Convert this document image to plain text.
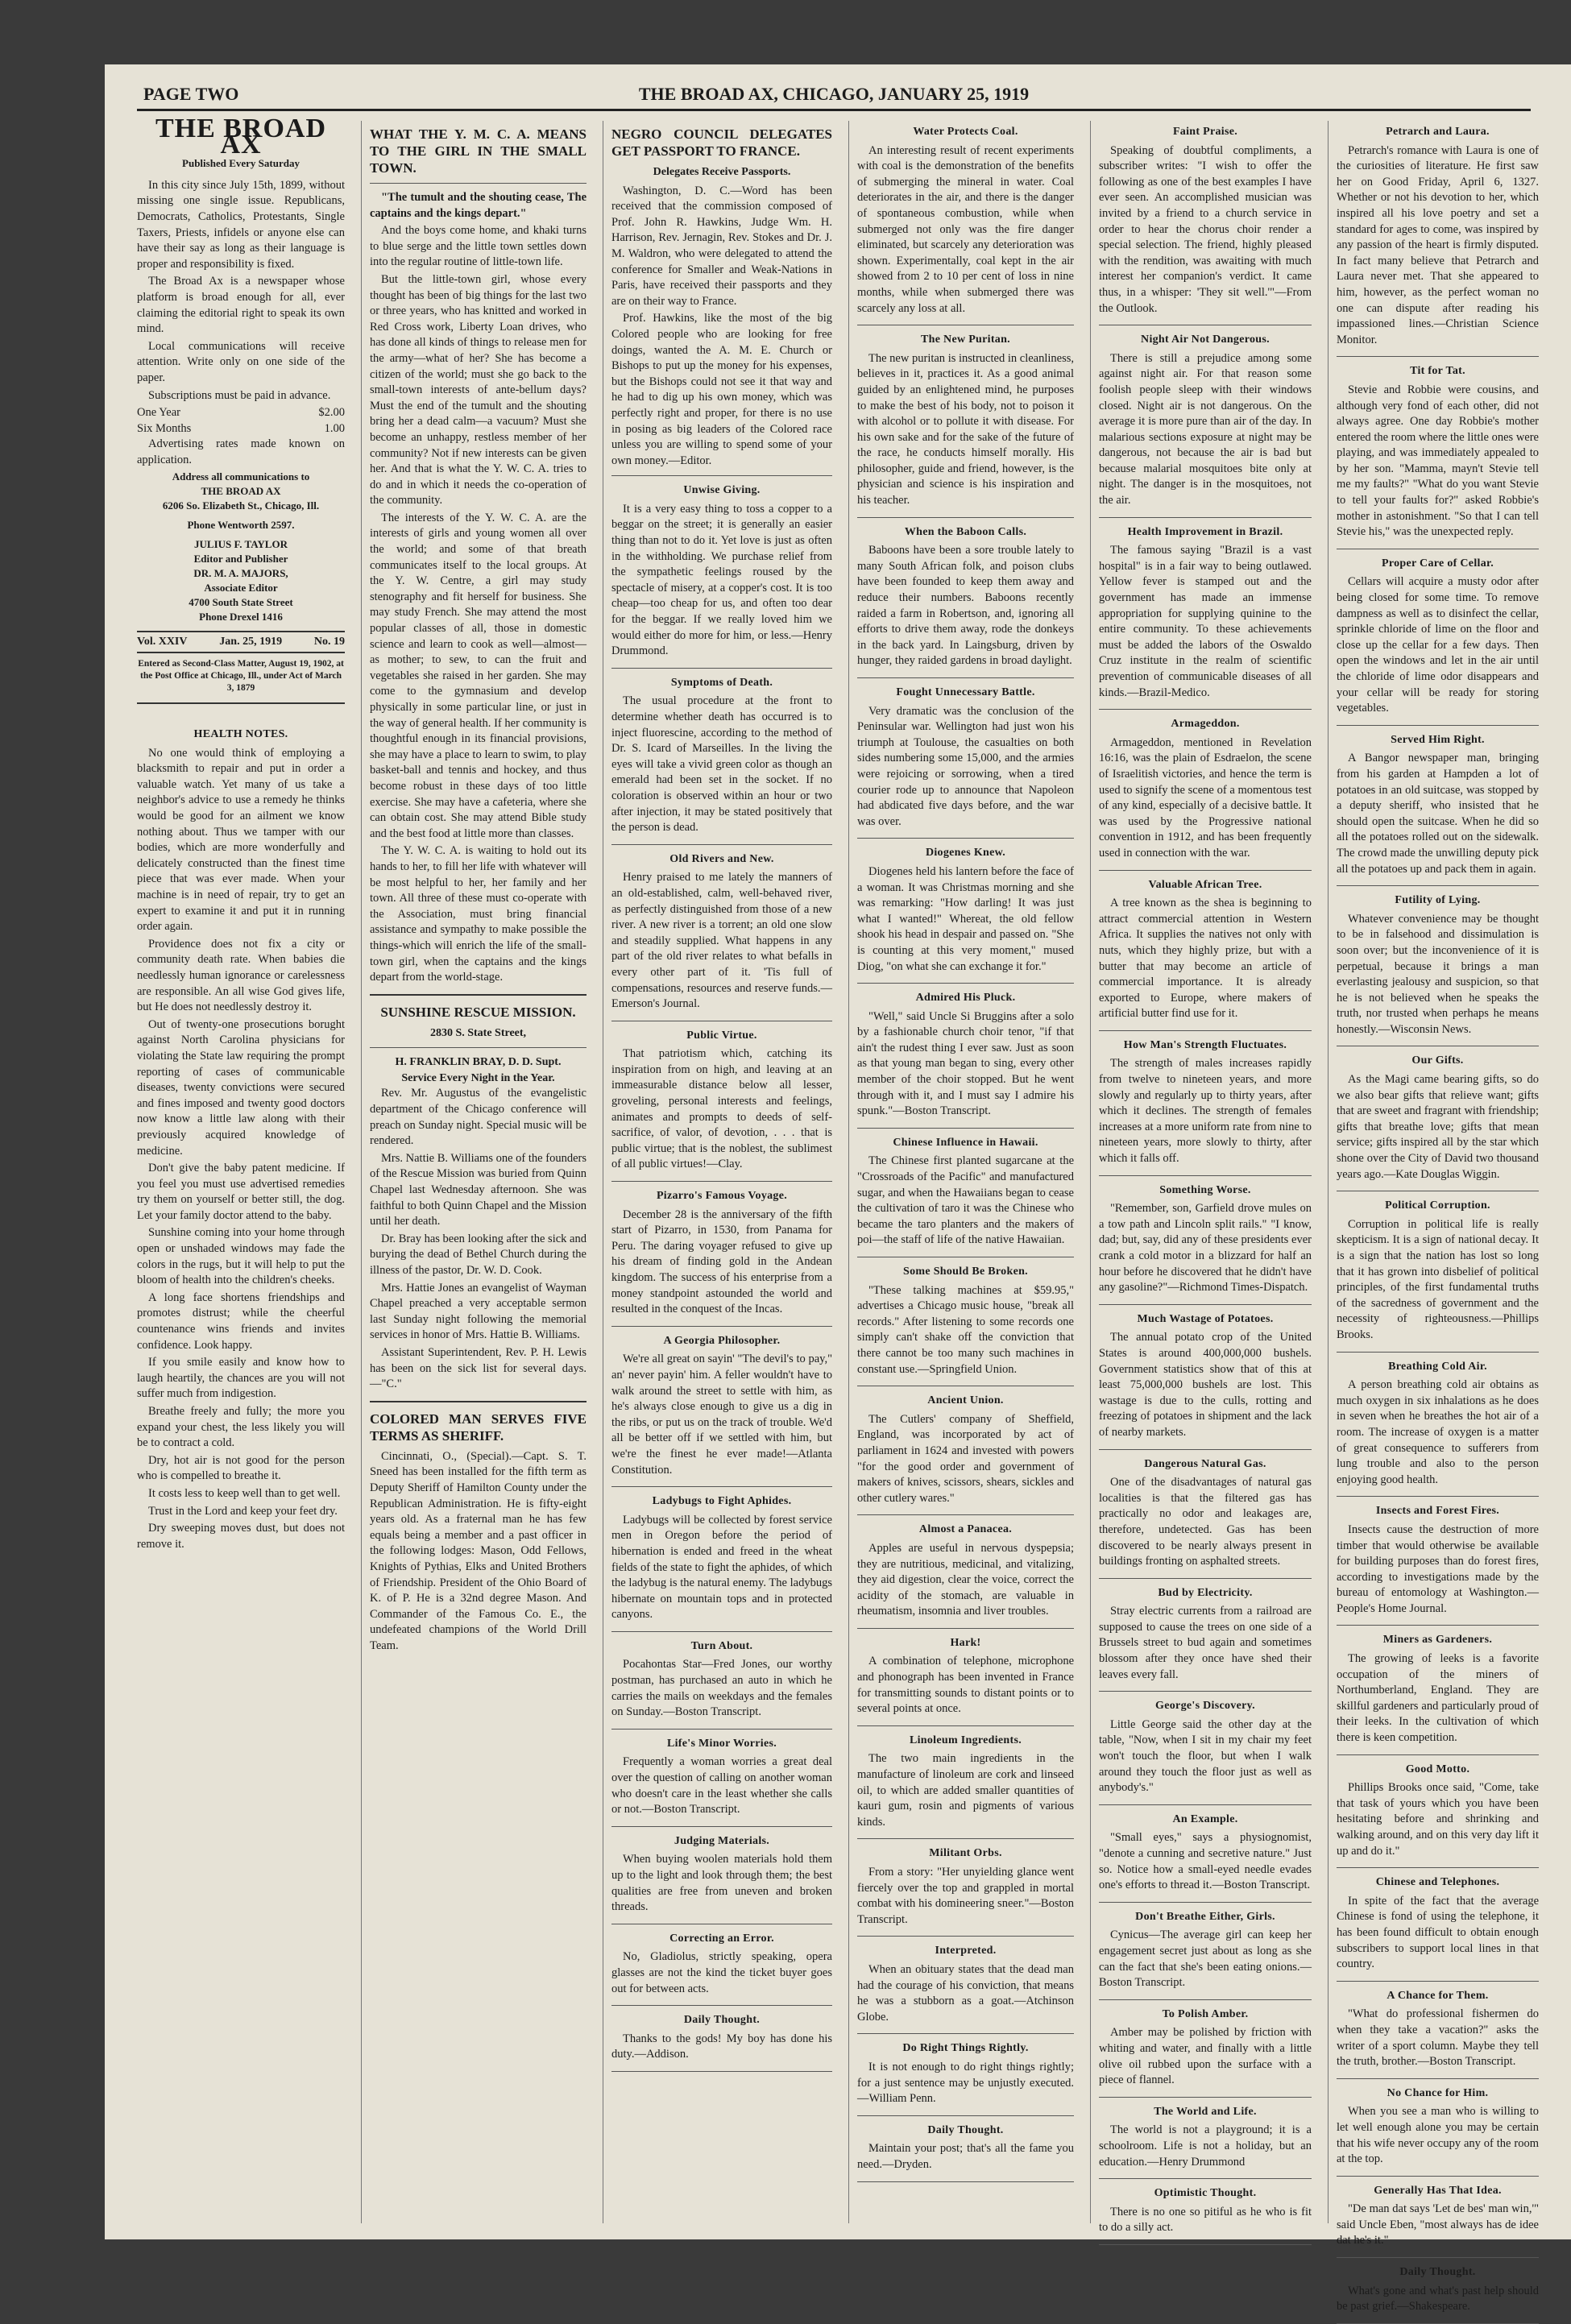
PAGE TWO	THE BROAD AX, CHICAGO, JANUARY 25, 1919
THE BROAD AX
Published Every Saturday

In this city since July 15th, 1899, without missing one single issue. Republicans, Democrats, Catholics, Protestants, Single Taxers, Priests, infidels or anyone else can have their say as long as their language is proper and responsibility is fixed.

The Broad Ax is a newspaper whose platform is broad enough for all, ever claiming the editorial right to speak its own mind.

Local communications will receive attention. Write only on one side of the paper.

Subscriptions must be paid in advance.

One Year	$2.00
Six Months	1.00

Advertising rates made known on application.

Address all communications to
THE BROAD AX
6206 So. Elizabeth St., Chicago, Ill.
Phone Wentworth 2597.
JULIUS F. TAYLOR
Editor and Publisher
DR. M. A. MAJORS,
Associate Editor
4700 South State Street
Phone Drexel 1416
Vol. XXIV	Jan. 25, 1919	No. 19
Entered as Second-Class Matter, August 19, 1902, at the Post Office at Chicago, Ill., under Act of March 3, 1879
HEALTH NOTES.

No one would think of employing a blacksmith to repair and put in order a valuable watch. Yet many of us take a neighbor's advice to use a remedy he thinks would be good for an ailment we know nothing about. Thus we tamper with our bodies, which are more wonderfully and delicately constructed than the finest time piece that was ever made. When your machine is in need of repair, try to get an expert to examine it and put it in running order again.

Providence does not fix a city or community death rate. When babies die needlessly human ignorance or carelessness are responsible. An all wise God gives life, but He does not needlessly destroy it.

Out of twenty-one prosecutions borught against North Carolina physicians for violating the State law requiring the prompt reporting of cases of communicable diseases, twenty convictions were secured and fines imposed and twenty good doctors now know a little law along with their previously acquired knowledge of medicine.

Don't give the baby patent medicine. If you feel you must use advertised remedies try them on yourself or better still, the dog. Let your family doctor attend to the baby.

Sunshine coming into your home through open or unshaded windows may fade the colors in the rugs, but it will help to put the bloom of health into the children's cheeks.

A long face shortens friendships and promotes distrust; while the cheerful countenance wins friends and invites confidence. Look happy.

If you smile easily and know how to laugh heartily, the chances are you will not suffer much from indigestion.

Breathe freely and fully; the more you expand your chest, the less likely you will be to contract a cold.

Dry, hot air is not good for the person who is compelled to breathe it.

It costs less to keep well than to get well.

Trust in the Lord and keep your feet dry.

Dry sweeping moves dust, but does not remove it.

WHAT THE Y. M. C. A. MEANS TO THE GIRL IN THE SMALL TOWN.

"The tumult and the shouting cease, The captains and the kings depart."

And the boys come home, and khaki turns to blue serge and the little town settles down into the regular routine of little-town life.

But the little-town girl, whose every thought has been of big things for the last two or three years, who has knitted and worked in Red Cross work, Liberty Loan drives, who has done all kinds of things to release men for the army—what of her? She has become a citizen of the world; must she go back to the small-town interests of ante-bellum days? Must the end of the tumult and the shouting bring her a dead calm—a vacuum? Must she become an unhappy, restless member of her community? Not if new interests can be given her. And that is what the Y. W. C. A. tries to do and in which it needs the co-operation of the community.

The interests of the Y. W. C. A. are the interests of girls and young women all over the world; and some of that breath communicates itself to the local groups. At the Y. W. Centre, a girl may study stenography and fit herself for business. She may study French. She may attend the most popular classes of all, those in domestic science and learn to cook as well—almost—as mother; to sew, to can the fruit and vegetables she raised in her garden. She may come to the gymnasium and develop physically in some particular line, or just in the way of general health. If her community is thoughtful enough in its financial provisions, she may have a place to learn to swim, to play basket-ball and tennis and hockey, and thus become robust in these days of too little exercise. She may have a cafeteria, where she can obtain cost. She may attend Bible study and the best food at little more than classes.

The Y. W. C. A. is waiting to hold out its hands to her, to fill her life with whatever will be most helpful to her, her family and her town. All three of these must co-operate with the Association, must bring financial assistance and sympathy to make possible the things-which will enrich the life of the small-town girl, when the captains and the kings depart from the world-stage.

SUNSHINE RESCUE MISSION.
2830 S. State Street,
H. FRANKLIN BRAY, D. D. Supt.
Service Every Night in the Year.

Rev. Mr. Augustus of the evangelistic department of the Chicago conference will preach on Sunday night. Special music will be rendered.

Mrs. Nattie B. Williams one of the founders of the Rescue Mission was buried from Quinn Chapel last Wednesday afternoon. She was faithful to both Quinn Chapel and the Mission until her death.

Dr. Bray has been looking after the sick and burying the dead of Bethel Church during the illness of the pastor, Dr. W. D. Cook.

Mrs. Hattie Jones an evangelist of Wayman Chapel preached a very acceptable sermon last Sunday night following the memorial services in honor of Mrs. Hattie B. Williams.

Assistant Superintendent, Rev. P. H. Lewis has been on the sick list for several days.—"C."

COLORED MAN SERVES FIVE TERMS AS SHERIFF.

Cincinnati, O., (Special).—Capt. S. T. Sneed has been installed for the fifth term as Deputy Sheriff of Hamilton County under the Republican Administration. He is fifty-eight years old. As a fraternal man he has few equals being a member and a past officer in the following lodges: Mason, Odd Fellows, Knights of Pythias, Elks and United Brothers of Friendship. President of the Ohio Board of K. of P. He is a 32nd degree Mason. And Commander of the Famous Co. E., the undefeated champions of the World Drill Team.

NEGRO COUNCIL DELEGATES GET PASSPORT TO FRANCE.
Delegates Receive Passports.

Washington, D. C.—Word has been received that the commission composed of Prof. John R. Hawkins, Judge Wm. H. Harrison, Rev. Jernagin, Rev. Stokes and Dr. J. M. Waldron, who were delegated to attend the conference for Smaller and Weak-Nations in Paris, have received their passports and they are on their way to France.

Prof. Hawkins, like the most of the big Colored people who are looking for free doings, wanted the A. M. E. Church or Bishops to put up the money for his expenses, but the Bishops could not see it that way and he had to dig up his own money, which was perfectly right and proper, for there is no use in posing as big leaders of the Colored race unless you are willing to spend some of your own money.—Editor.

Unwise Giving.

It is a very easy thing to toss a copper to a beggar on the street; it is generally an easier thing than not to do it. Yet love is just as often in the withholding. We purchase relief from the sympathetic feelings roused by the spectacle of misery, at a copper's cost. It is too cheap—too cheap for us, and often too dear for the beggar. If we really loved him we would either do more for him, or less.—Henry Drummond.

Symptoms of Death.

The usual procedure at the front to determine whether death has occurred is to inject fluorescine, according to the method of Dr. S. Icard of Marseilles. In the living the eyes will take a vivid green color as though an emerald had been set in the socket. If no coloration is observed within an hour or two after injection, it may be stated positively that the person is dead.

Old Rivers and New.

Henry praised to me lately the manners of an old-established, calm, well-behaved river, as perfectly distinguished from those of a new river. A new river is a torrent; an old one slow and steadily supplied. What happens in any part of the old river relates to what befalls in every other part of it. 'Tis full of compensations, resources and reserve funds.—Emerson's Journal.

Public Virtue.

That patriotism which, catching its inspiration from on high, and leaving at an immeasurable distance below all lesser, groveling, personal interests and feelings, animates and prompts to deeds of self-sacrifice, of valor, of devotion, . . . that is public virtue; that is the noblest, the sublimest of all public virtues!—Clay.

Pizarro's Famous Voyage.

December 28 is the anniversary of the fifth start of Pizarro, in 1530, from Panama for Peru. The daring voyager refused to give up his dream of finding gold in the Andean kingdom. The success of his enterprise from a money standpoint astounded the world and resulted in the conquest of the Incas.

A Georgia Philosopher.

We're all great on sayin' "The devil's to pay," an' never payin' him. A feller wouldn't have to walk around the street to settle with him, as he's always close enough to give us a dig in the ribs, or put us on the track of trouble. We'd all be better off if we settled with him, but we're the finest he ever made!—Atlanta Constitution.

Ladybugs to Fight Aphides.

Ladybugs will be collected by forest service men in Oregon before the period of hibernation is ended and freed in the wheat fields of the state to fight the aphides, of which the ladybug is the natural enemy. The ladybugs hibernate on mountain tops and in protected canyons.

Turn About.

Pocahontas Star—Fred Jones, our worthy postman, has purchased an auto in which he carries the mails on weekdays and the females on Sunday.—Boston Transcript.

Life's Minor Worries.

Frequently a woman worries a great deal over the question of calling on another woman who doesn't care in the least whether she calls or not.—Boston Transcript.

Judging Materials.

When buying woolen materials hold them up to the light and look through them; the best qualities are free from uneven and broken threads.

Correcting an Error.

No, Gladiolus, strictly speaking, opera glasses are not the kind the ticket buyer goes out for between acts.

Daily Thought.

Thanks to the gods! My boy has done his duty.—Addison.

Water Protects Coal.

An interesting result of recent experiments with coal is the demonstration of the benefits of submerging the mineral in water. Coal deteriorates in the air, and there is the danger of spontaneous combustion, while when submerged not only was the fire danger eliminated, but scarcely any deterioration was shown. Experimentally, coal kept in the air showed from 2 to 10 per cent of loss in nine months, while when submerged there was scarcely any loss at all.

The New Puritan.

The new puritan is instructed in cleanliness, believes in it, practices it. As a good animal guided by an enlightened mind, he purposes to make the best of his body, not to poison it with alcohol or to pollute it with disease. For his own sake and for the sake of the future of the race, he conducts himself morally. His philosopher, guide and friend, however, is the physician and science is his inspiration and his teacher.

When the Baboon Calls.

Baboons have been a sore trouble lately to many South African folk, and poison clubs have been founded to keep them away and reduce their numbers. Baboons recently raided a farm in Robertson, and, ignoring all efforts to drive them away, rode the donkeys in the back yard. In Laingsburg, driven by hunger, they raided gardens in broad daylight.

Fought Unnecessary Battle.

Very dramatic was the conclusion of the Peninsular war. Wellington had just won his triumph at Toulouse, the casualties on both sides numbering some 15,000, and the armies were rejoicing or sorrowing, when a tired courier rode up to announce that Napoleon had abdicated five days before, and the war was over.

Diogenes Knew.

Diogenes held his lantern before the face of a woman. It was Christmas morning and she was remarking: "How darling! It was just what I wanted!" Whereat, the old fellow shook his head in despair and passed on. "She is counting at this very moment," mused Diog, "on what she can exchange it for."

Admired His Pluck.

"Well," said Uncle Si Bruggins after a solo by a fashionable church choir tenor, "if that ain't the rudest thing I ever saw. Just as soon as that young man began to sing, every other member of the choir stopped. But he went through with it, and I must say I admire his spunk."—Boston Transcript.

Chinese Influence in Hawaii.

The Chinese first planted sugarcane at the "Crossroads of the Pacific" and manufactured sugar, and when the Hawaiians began to cease the cultivation of taro it was the Chinese who became the taro planters and the makers of poi—the staff of life of the native Hawaiian.

Some Should Be Broken.

"These talking machines at $59.95," advertises a Chicago music house, "break all records." After listening to some records one simply can't shake off the conviction that there cannot be too many such machines in constant use.—Springfield Union.

Ancient Union.

The Cutlers' company of Sheffield, England, was incorporated by act of parliament in 1624 and invested with powers "for the good order and government of makers of knives, scissors, shears, sickles and other cutlery wares."

Almost a Panacea.

Apples are useful in nervous dyspepsia; they are nutritious, medicinal, and vitalizing, they aid digestion, clear the voice, correct the acidity of the stomach, are valuable in rheumatism, insomnia and liver troubles.

Hark!

A combination of telephone, microphone and phonograph has been invented in France for transmitting sounds to distant points or to several points at once.

Linoleum Ingredients.

The two main ingredients in the manufacture of linoleum are cork and linseed oil, to which are added smaller quantities of kauri gum, rosin and pigments of various kinds.

Militant Orbs.

From a story: "Her unyielding glance went fiercely over the top and grappled in mortal combat with his domineering sneer."—Boston Transcript.

Interpreted.

When an obituary states that the dead man had the courage of his conviction, that means he was a stubborn as a goat.—Atchinson Globe.

Do Right Things Rightly.

It is not enough to do right things rightly; for a just sentence may be unjustly executed.—William Penn.

Daily Thought.

Maintain your post; that's all the fame you need.—Dryden.

Faint Praise.

Speaking of doubtful compliments, a subscriber writes: "I wish to offer the following as one of the best examples I have ever seen. An accomplished musician was invited by a friend to a church service in order to hear the chorus choir render a special selection. The friend, highly pleased with the rendition, was awaiting with much interest her companion's verdict. It came thus, in a whisper: 'They sit well.'"—From the Outlook.

Night Air Not Dangerous.

There is still a prejudice among some against night air. For that reason some foolish people sleep with their windows closed. Night air is not dangerous. On the average it is more pure than air of the day. In malarious sections exposure at night may be dangerous, not because the air is bad but because malarial mosquitoes bite only at night. The danger is in the mosquitoes, not the air.

Health Improvement in Brazil.

The famous saying "Brazil is a vast hospital" is in a fair way to being outlawed. Yellow fever is stamped out and the government has made an immense appropriation for supplying quinine to the entire community. To these achievements must be added the labors of the Oswaldo Cruz institute in the realm of scientific prevention of communicable diseases of all kinds.—Brazil-Medico.

Armageddon.

Armageddon, mentioned in Revelation 16:16, was the plain of Esdraelon, the scene of Israelitish victories, and hence the term is used to signify the scene of a momentous test of any kind, especially of a decisive battle. It was used by the Progressive national convention in 1912, and has been frequently used in connection with the war.

Valuable African Tree.

A tree known as the shea is beginning to attract commercial attention in Western Africa. It supplies the natives not only with nuts, which they highly prize, but with a butter that may become an article of commercial importance. It is already exported to Europe, where makers of artificial butter find use for it.

How Man's Strength Fluctuates.

The strength of males increases rapidly from twelve to nineteen years, and more slowly and regularly up to thirty years, after which it declines. The strength of females increases at a more uniform rate from nine to nineteen years, more slowly to thirty, after which it falls off.

Something Worse.

"Remember, son, Garfield drove mules on a tow path and Lincoln split rails." "I know, dad; but, say, did any of these presidents ever crank a cold motor in a blizzard for half an hour before he discovered that he didn't have any gasoline?"—Richmond Times-Dispatch.

Much Wastage of Potatoes.

The annual potato crop of the United States is around 400,000,000 bushels. Government statistics show that of this at least 75,000,000 bushels are lost. This wastage is due to the culls, rotting and freezing of potatoes in shipment and the lack of nearby markets.

Dangerous Natural Gas.

One of the disadvantages of natural gas localities is that the filtered gas has practically no odor and leakages are, therefore, undetected. Gas has been discovered to be nearly always present in buildings fronting on asphalted streets.

Bud by Electricity.

Stray electric currents from a railroad are supposed to cause the trees on one side of a Brussels street to bud again and sometimes blossom after they once have shed their leaves every fall.

George's Discovery.

Little George said the other day at the table, "Now, when I sit in my chair my feet won't touch the floor, but when I walk around they touch the floor just as well as anybody's."

An Example.

"Small eyes," says a physiognomist, "denote a cunning and secretive nature." Just so. Notice how a small-eyed needle evades one's efforts to thread it.—Boston Transcript.

Don't Breathe Either, Girls.

Cynicus—The average girl can keep her engagement secret just about as long as she can the fact that she's been eating onions.—Boston Transcript.

To Polish Amber.

Amber may be polished by friction with whiting and water, and finally with a little olive oil rubbed upon the surface with a piece of flannel.

The World and Life.

The world is not a playground; it is a schoolroom. Life is not a holiday, but an education.—Henry Drummond

Optimistic Thought.

There is no one so pitiful as he who is fit to do a silly act.

Petrarch and Laura.

Petrarch's romance with Laura is one of the curiosities of literature. He first saw her on Good Friday, April 6, 1327. Whether or not his devotion to her, which inspired all his love poetry and set a standard for ages to come, was inspired by any passion of the heart is firmly disputed. In fact many believe that Petrarch and Laura never met. That she appeared to him, however, as the perfect woman no one can dispute after reading his impassioned lines.—Christian Science Monitor.

Tit for Tat.

Stevie and Robbie were cousins, and although very fond of each other, did not always agree. One day Robbie's mother entered the room where the little ones were playing, and was immediately appealed to by her son. "Mamma, mayn't Stevie tell me my faults?" "What do you want Stevie to tell your faults for?" asked Robbie's mother in astonishment. "So that I can tell Stevie his," was the unexpected reply.

Proper Care of Cellar.

Cellars will acquire a musty odor after being closed for some time. To remove dampness as well as to disinfect the cellar, sprinkle chloride of lime on the floor and close up the cellar for a few days. Then open the windows and let in the air until the chloride of lime odor disappears and your cellar will be ready for storing vegetables.

Served Him Right.

A Bangor newspaper man, bringing from his garden at Hampden a lot of potatoes in an old suitcase, was stopped by a deputy sheriff, who insisted that he should open the suitcase. When he did so all the potatoes rolled out on the sidewalk. The crowd made the unwilling deputy pick all the potatoes up and pack them in again.

Futility of Lying.

Whatever convenience may be thought to be in falsehood and dissimulation is soon over; but the inconvenience of it is perpetual, because it brings a man everlasting jealousy and suspicion, so that he is not believed when he speaks the truth, nor trusted when perhaps he means honestly.—Wisconsin News.

Our Gifts.

As the Magi came bearing gifts, so do we also bear gifts that relieve want; gifts that are sweet and fragrant with friendship; gifts that breathe love; gifts that mean service; gifts inspired all by the star which shone over the City of David two thousand years ago.—Kate Douglas Wiggin.

Political Corruption.

Corruption in political life is really skepticism. It is a sign of national decay. It is a sign that the nation has lost so long that it has grown into disbelief of political principles, of the first fundamental truths of the sacredness of government and the necessity of righteousness.—Phillips Brooks.

Breathing Cold Air.

A person breathing cold air obtains as much oxygen in six inhalations as he does in seven when he breathes the hot air of a room. The increase of oxygen is a matter of great consequence to sufferers from lung trouble and also to the person enjoying good health.

Insects and Forest Fires.

Insects cause the destruction of more timber that would otherwise be available for building purposes than do forest fires, according to investigations made by the bureau of entomology at Washington.—People's Home Journal.

Miners as Gardeners.

The growing of leeks is a favorite occupation of the miners of Northumberland, England. They are skillful gardeners and particularly proud of their leeks. In the cultivation of which there is keen competition.

Good Motto.

Phillips Brooks once said, "Come, take that task of yours which you have been hesitating before and shrinking and walking around, and on this very day lift it up and do it."

Chinese and Telephones.

In spite of the fact that the average Chinese is fond of using the telephone, it has been found difficult to obtain enough subscribers to support local lines in that country.

A Chance for Them.

"What do professional fishermen do when they take a vacation?" asks the writer of a sport column. Maybe they tell the truth, brother.—Boston Transcript.

No Chance for Him.

When you see a man who is willing to let well enough alone you may be certain that his wife never occupy any of the room at the top.

Generally Has That Idea.

"De man dat says 'Let de bes' man win,'" said Uncle Eben, "most always has de idee dat he's it."

Daily Thought.

What's gone and what's past help should be past grief.—Shakespeare.
